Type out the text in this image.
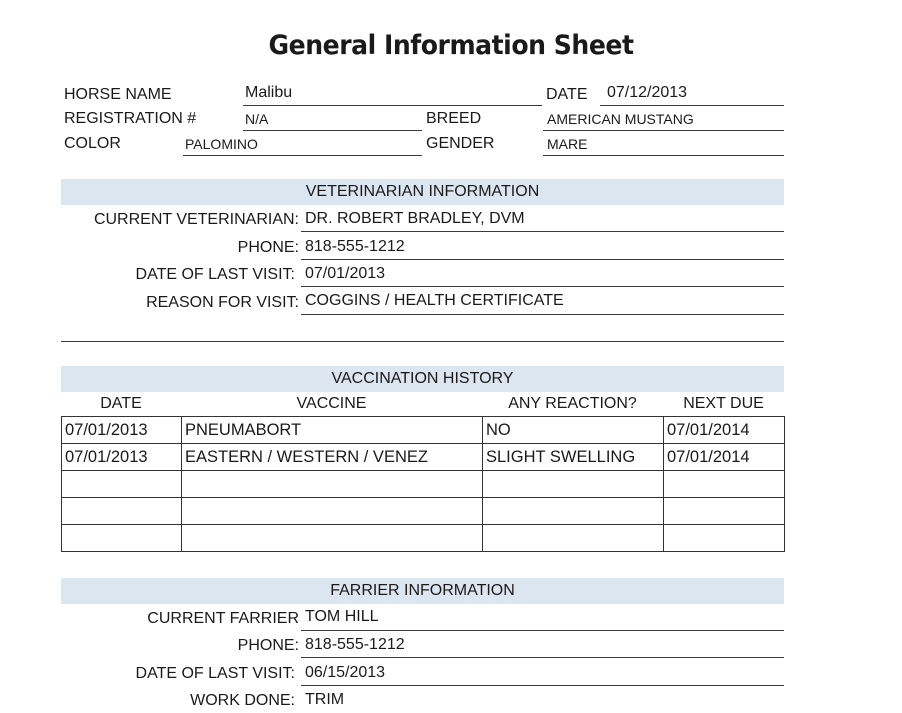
General Information Sheet
HORSE NAME	Malibu	DATE 07/12/2013
REGISTRATION #	N/A	BREED	AMERICAN MUSTANG
COLOR	PALOMINO	GENDER	MARE
VETERINARIAN INFORMATION
CURRENT VETERINARIAN: DR. ROBERT BRADLEY, DVM
PHONE: 818-555-1212
DATE OF LAST VISIT: 07/01/2013
REASON FOR VISIT: COGGINS / HEALTH CERTIFICATE
VACCINATION HISTORY
DATE	VACCINE	ANY REACTION?	NEXT DUE
07/01/2013	PNEUMABORT	NO	07/01/2014
07/01/2013	EASTERN / WESTERN / VENEZ	SLIGHT SWELLING	07/01/2014

FARRIER INFORMATION
CURRENT FARRIER TOM HILL
PHONE: 818-555-1212
DATE OF LAST VISIT: 06/15/2013
WORK DONE: TRIM
